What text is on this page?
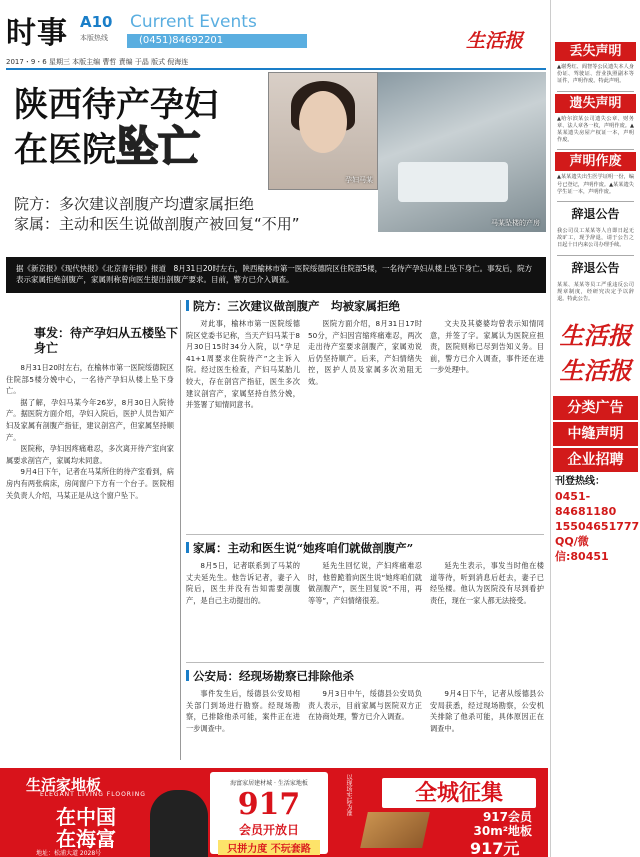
时事 A10
本版热线
Current Events
(0451)84692201	生活报
2017・9・6 星期三 本版主编 曹哲 責编 于晶 版式 倪海连
陕西待产孕妇
在医院坠亡
孕妇马某
马某坠楼的产房
院方：多次建议剖腹产均遭家属拒绝
家属：主动和医生说做剖腹产被回复“不用”
据《新京报》《现代快报》《北京青年报》报道　8月31日20时左右，陕西榆林市第一医院绥德院区住院部5楼，一名待产孕妇从楼上坠下身亡。事发后，院方表示家属拒绝剖腹产，家属则称曾向医生提出剖腹产要求。目前，警方已介入调查。
事发：待产孕妇从五楼坠下身亡

8月31日20时左右，在榆林市第一医院绥德院区住院部5楼分娩中心，一名待产孕妇从楼上坠下身亡。

据了解，孕妇马某今年26岁，8月30日入院待产。据医院方面介绍，孕妇入院后，医护人员告知产妇及家属有剖腹产指征，建议剖宫产，但家属坚持顺产。

医院称，孕妇因疼痛难忍，多次离开待产室向家属要求剖宫产，家属均未同意。

9月4日下午，记者在马某所住的待产室看到，病房内有两张病床，房间窗户下方有一个台子。医院相关负责人介绍，马某正是从这个窗户坠下。

院方：三次建议做剖腹产　均被家属拒绝

对此事，榆林市第一医院绥德院区党委书记称，当天产妇马某于8月30日15时34分入院，以“孕足41+1周要求住院待产”之主诉入院。经过医生检查，产妇马某胎儿较大，存在剖宫产指征，医生多次建议剖宫产，家属坚持自然分娩，并签署了知情同意书。

医院方面介绍，8月31日17时50分，产妇因宫缩疼痛难忍，两次走出待产室要求剖腹产，家属劝说后仍坚持顺产。后来，产妇情绪失控，医护人员及家属多次劝阻无效。

文夫及其婆婆均曾表示知情同意，并签了字。家属认为医院应担责，医院则称已尽到告知义务。目前，警方已介入调查，事件还在进一步处理中。

家属：主动和医生说“她疼咱们就做剖腹产”

8月5日，记者联系到了马某的丈夫延先生。他告诉记者，妻子入院后，医生并没有告知需要剖腹产，是自己主动提出的。

延先生回忆说，产妇疼痛难忍时，他曾跪着向医生说“她疼咱们就做剖腹产”，医生回复说“不用，再等等”，产妇情绪很差。

延先生表示，事发当时他在楼道等待，听到消息后赶去，妻子已经坠楼。他认为医院没有尽到看护责任，现在一家人都无法接受。

公安局：经现场勘察已排除他杀

事件发生后，绥德县公安局相关部门到场进行勘察。经现场勘察，已排除他杀可能，案件正在进一步调查中。

9月3日中午，绥德县公安局负责人表示，目前家属与医院双方正在协商处理，警方已介入调查。

9月4日下午，记者从绥德县公安局获悉，经过现场勘察，公安机关排除了他杀可能，具体原因正在调查中。

丢失声明
▲谢秀红、阎智等公民遗失本人身份证、驾驶证、营业执照副本等证件，声明作废。特此声明。
遗失声明
▲哈尔滨某公司遗失公章、财务章、法人章各一枚，声明作废。▲某某遗失房屋产权证一本，声明作废。
声明作废
▲某某遗失出生医学证明一份，编号已登记，声明作废。▲某某遗失学生证一本，声明作废。
辞退公告
我公司员工某某等人自即日起无故旷工，现予辞退，请于公告之日起十日内来公司办理手续。
辞退公告
某某、某某等员工严重违反公司规章制度，经研究决定予以辞退。特此公告。
生活报
生活报
分类广告
中缝声明
企业招聘
刊登热线：
0451-84681180
15504651777
QQ/微信:80451
生活家地板
ELEGANT LIVING FLOORING
在中国
在海富
地址：松浦大道 2028号
海富家居建材城 · 生活家地板
917
会员开放日
只拼力度 不玩套路
以现场实际为准	全城征集
917会员
30m²地板
917元
